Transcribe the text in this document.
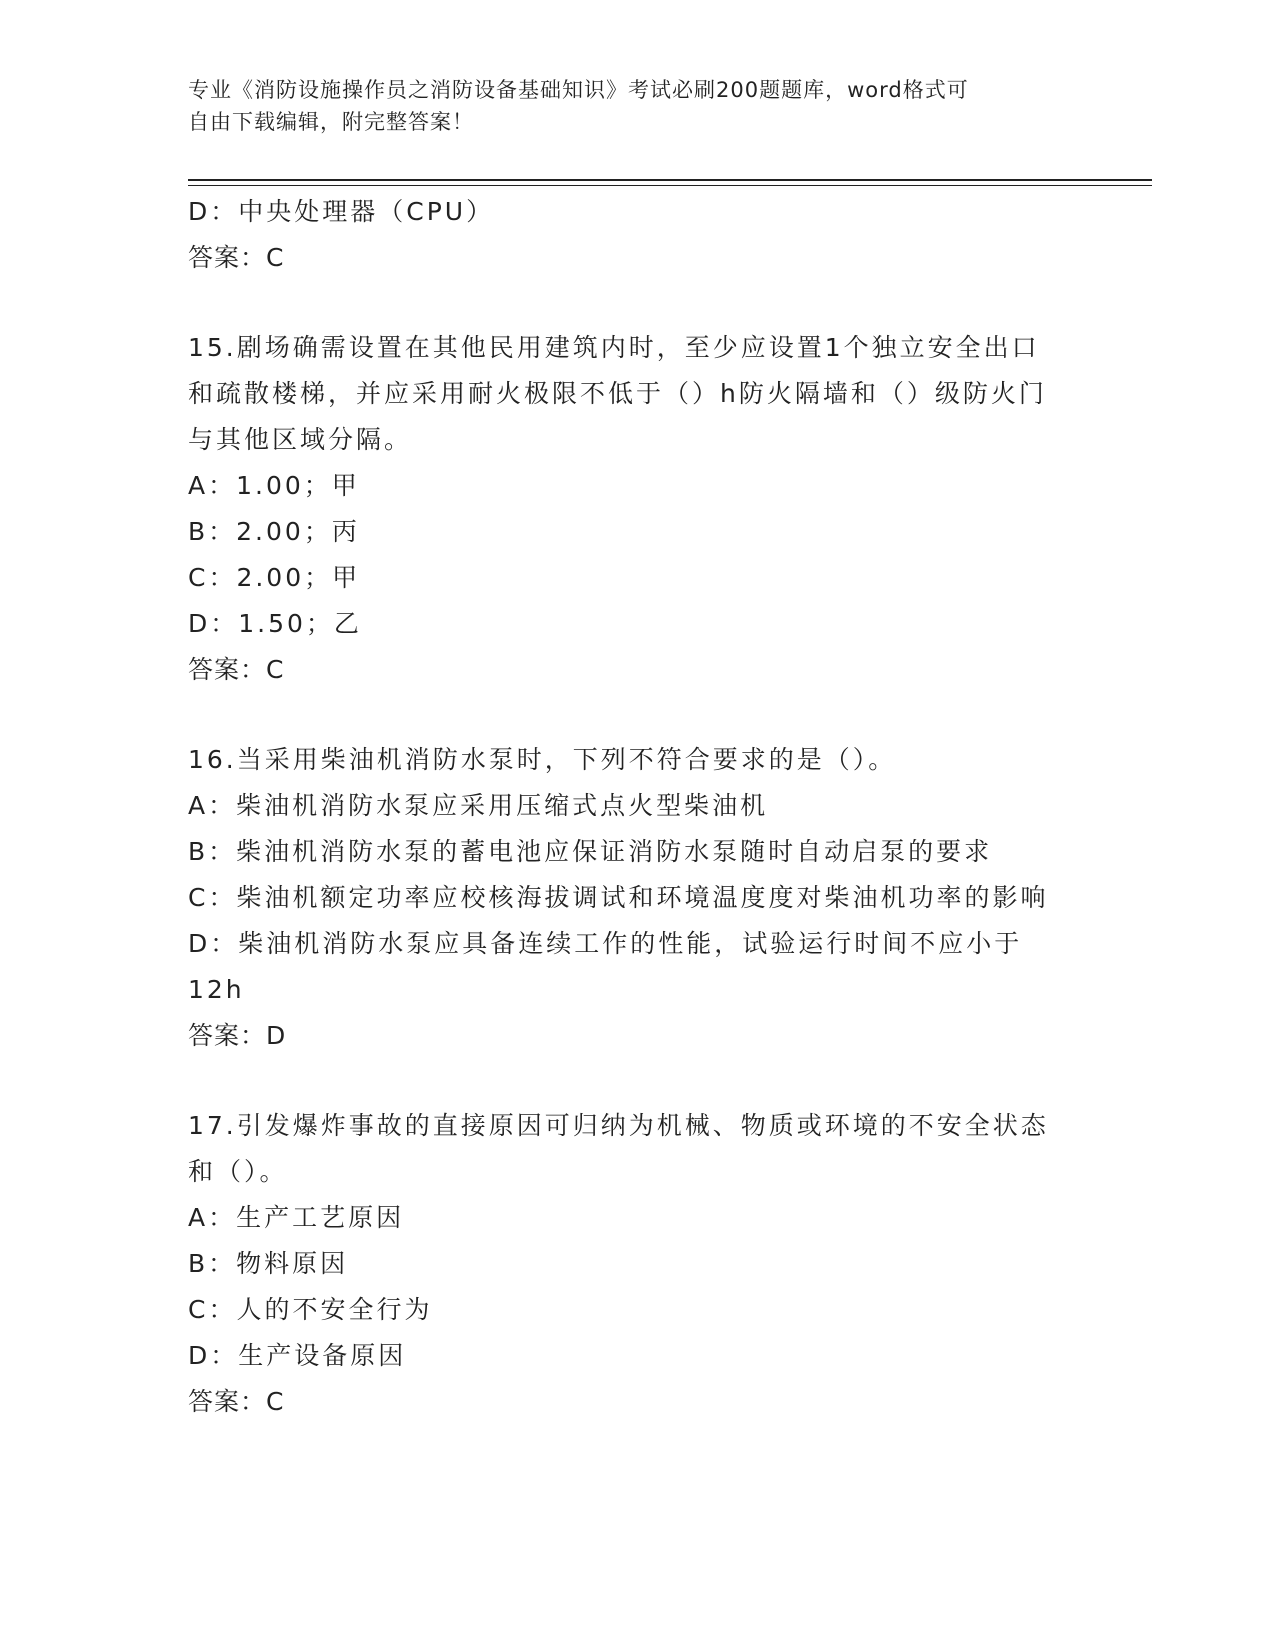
专业《消防设施操作员之消防设备基础知识》考试必刷200题题库，word格式可
自由下载编辑，附完整答案！
D：中央处理器（CPU）
答案：C
15.剧场确需设置在其他民用建筑内时，至少应设置1个独立安全出口
和疏散楼梯，并应采用耐火极限不低于（）h防火隔墙和（）级防火门
与其他区域分隔。
A：1.00；甲
B：2.00；丙
C：2.00；甲
D：1.50；乙
答案：C
16.当采用柴油机消防水泵时，下列不符合要求的是（）。
A：柴油机消防水泵应采用压缩式点火型柴油机
B：柴油机消防水泵的蓄电池应保证消防水泵随时自动启泵的要求
C：柴油机额定功率应校核海拔调试和环境温度度对柴油机功率的影响
D：柴油机消防水泵应具备连续工作的性能，试验运行时间不应小于
12h
答案：D
17.引发爆炸事故的直接原因可归纳为机械、物质或环境的不安全状态
和（）。
A：生产工艺原因
B：物料原因
C：人的不安全行为
D：生产设备原因
答案：C
